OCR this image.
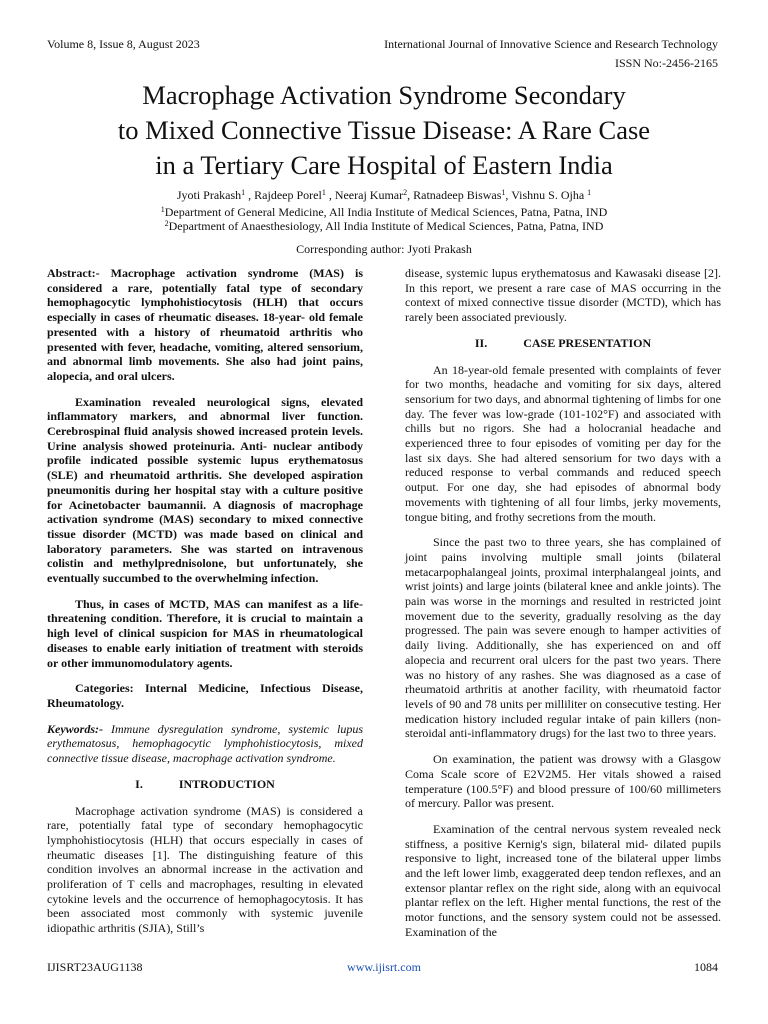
Volume 8, Issue 8, August 2023	International Journal of Innovative Science and Research Technology
ISSN No:-2456-2165
Macrophage Activation Syndrome Secondary
to Mixed Connective Tissue Disease: A Rare Case
in a Tertiary Care Hospital of Eastern India
Jyoti Prakash$^1$ , Rajdeep Porel$^1$ , Neeraj Kumar$^2$, Ratnadeep Biswas$^1$, Vishnu S. Ojha $^1$
$^1$Department of General Medicine, All India Institute of Medical Sciences, Patna, Patna, IND
$^2$Department of Anaesthesiology, All India Institute of Medical Sciences, Patna, Patna, IND
Corresponding author: Jyoti Prakash

Abstract:- Macrophage activation syndrome (MAS) is considered a rare, potentially fatal type of secondary hemophagocytic lymphohistiocytosis (HLH) that occurs especially in cases of rheumatic diseases. 18-year- old female presented with a history of rheumatoid arthritis who presented with fever, headache, vomiting, altered sensorium, and abnormal limb movements. She also had joint pains, alopecia, and oral ulcers.

Examination revealed neurological signs, elevated inflammatory markers, and abnormal liver function. Cerebrospinal fluid analysis showed increased protein levels. Urine analysis showed proteinuria. Anti- nuclear antibody profile indicated possible systemic lupus erythematosus (SLE) and rheumatoid arthritis. She developed aspiration pneumonitis during her hospital stay with a culture positive for Acinetobacter baumannii. A diagnosis of macrophage activation syndrome (MAS) secondary to mixed connective tissue disorder (MCTD) was made based on clinical and laboratory parameters. She was started on intravenous colistin and methylprednisolone, but unfortunately, she eventually succumbed to the overwhelming infection.

Thus, in cases of MCTD, MAS can manifest as a life-threatening condition. Therefore, it is crucial to maintain a high level of clinical suspicion for MAS in rheumatological diseases to enable early initiation of treatment with steroids or other immunomodulatory agents.

Categories: Internal Medicine, Infectious Disease, Rheumatology.

Keywords:- Immune dysregulation syndrome, systemic lupus erythematosus, hemophagocytic lymphohistiocytosis, mixed connective tissue disease, macrophage activation syndrome.

I.	INTRODUCTION

Macrophage activation syndrome (MAS) is considered a rare, potentially fatal type of secondary hemophagocytic lymphohistiocytosis (HLH) that occurs especially in cases of rheumatic diseases [1]. The distinguishing feature of this condition involves an abnormal increase in the activation and proliferation of T cells and macrophages, resulting in elevated cytokine levels and the occurrence of hemophagocytosis. It has been associated most commonly with systemic juvenile idiopathic arthritis (SJIA), Still’s

disease, systemic lupus erythematosus and Kawasaki disease [2]. In this report, we present a rare case of MAS occurring in the context of mixed connective tissue disorder (MCTD), which has rarely been associated previously.

II.	CASE PRESENTATION

An 18-year-old female presented with complaints of fever for two months, headache and vomiting for six days, altered sensorium for two days, and abnormal tightening of limbs for one day. The fever was low-grade (101-102°F) and associated with chills but no rigors. She had a holocranial headache and experienced three to four episodes of vomiting per day for the last six days. She had altered sensorium for two days with a reduced response to verbal commands and reduced speech output. For one day, she had episodes of abnormal body movements with tightening of all four limbs, jerky movements, tongue biting, and frothy secretions from the mouth.

Since the past two to three years, she has complained of joint pains involving multiple small joints (bilateral metacarpophalangeal joints, proximal interphalangeal joints, and wrist joints) and large joints (bilateral knee and ankle joints). The pain was worse in the mornings and resulted in restricted joint movement due to the severity, gradually resolving as the day progressed. The pain was severe enough to hamper activities of daily living. Additionally, she has experienced on and off alopecia and recurrent oral ulcers for the past two years. There was no history of any rashes. She was diagnosed as a case of rheumatoid arthritis at another facility, with rheumatoid factor levels of 90 and 78 units per milliliter on consecutive testing. Her medication history included regular intake of pain killers (non-steroidal anti-inflammatory drugs) for the last two to three years.

On examination, the patient was drowsy with a Glasgow Coma Scale score of E2V2M5. Her vitals showed a raised temperature (100.5°F) and blood pressure of 100/60 millimeters of mercury. Pallor was present.

Examination of the central nervous system revealed neck stiffness, a positive Kernig's sign, bilateral mid- dilated pupils responsive to light, increased tone of the bilateral upper limbs and the left lower limb, exaggerated deep tendon reflexes, and an extensor plantar reflex on the right side, along with an equivocal plantar reflex on the left. Higher mental functions, the rest of the motor functions, and the sensory system could not be assessed. Examination of the

IJISRT23AUG1138	www.ijisrt.com	1084
